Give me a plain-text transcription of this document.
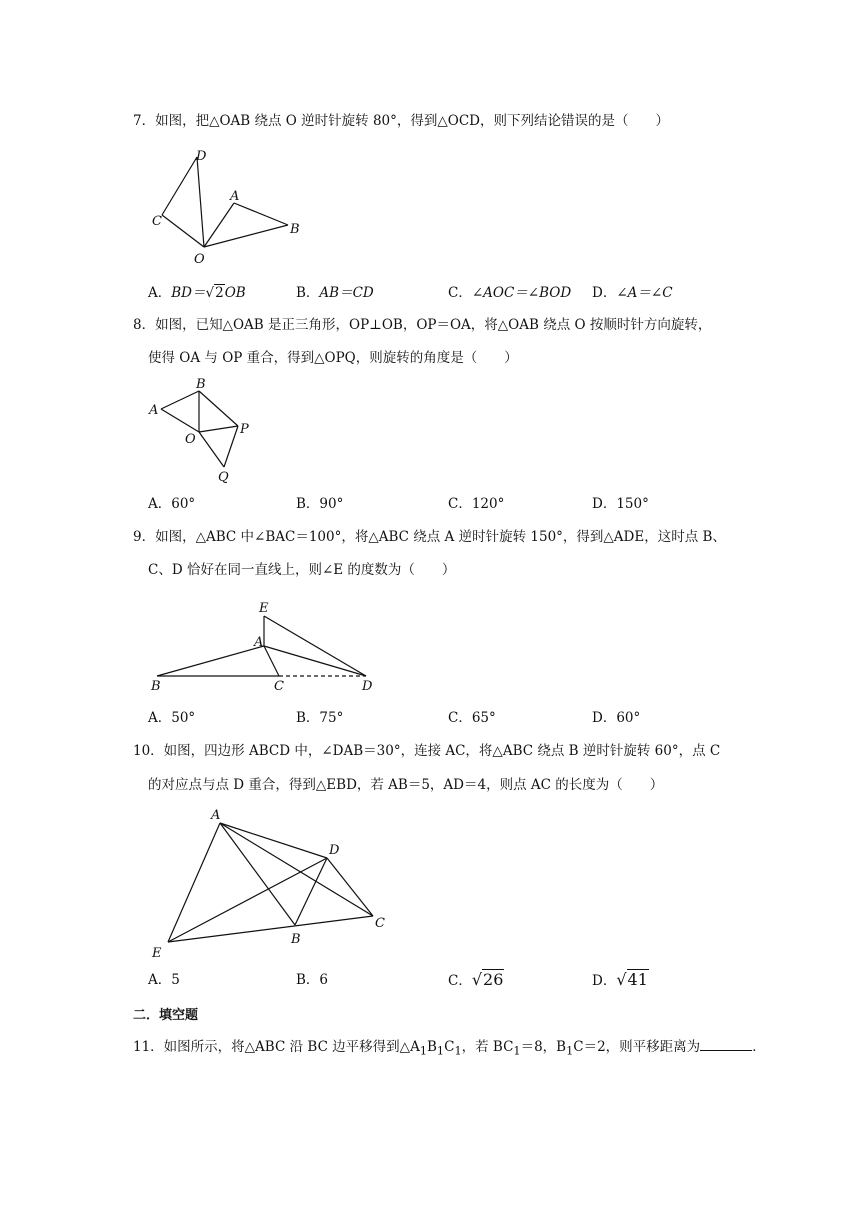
7．如图，把△OAB 绕点 O 逆时针旋转 80°，得到△OCD，则下列结论错误的是（　　）
D
C
A
B
O
A．BD＝√2OB	B．AB＝CD	C．∠AOC＝∠BOD D．∠A＝∠C
8．如图，已知△OAB 是正三角形，OP⊥OB，OP＝OA，将△OAB 绕点 O 按顺时针方向旋转，
使得 OA 与 OP 重合，得到△OPQ，则旋转的角度是（　　）
B
A
O
P
Q
A．60°	B．90°	C．120°	D．150°
9．如图，△ABC 中∠BAC＝100°，将△ABC 绕点 A 逆时针旋转 150°，得到△ADE，这时点 B、
C、D 恰好在同一直线上，则∠E 的度数为（　　）
E
A
B	C	D
A．50°	B．75°	C．65°	D．60°
10．如图，四边形 ABCD 中，∠DAB＝30°，连接 AC，将△ABC 绕点 B 逆时针旋转 60°，点 C
的对应点与点 D 重合，得到△EBD，若 AB＝5，AD＝4，则点 AC 的长度为（　　）
A
D
C
B
E
A．5	B．6	C．√26	D．√41
二．填空题
11．如图所示，将△ABC 沿 BC 边平移得到$\triangle A_1B_1C_1$，若 $BC_1=8$，$B_1C=2$，则平移距离为	．
